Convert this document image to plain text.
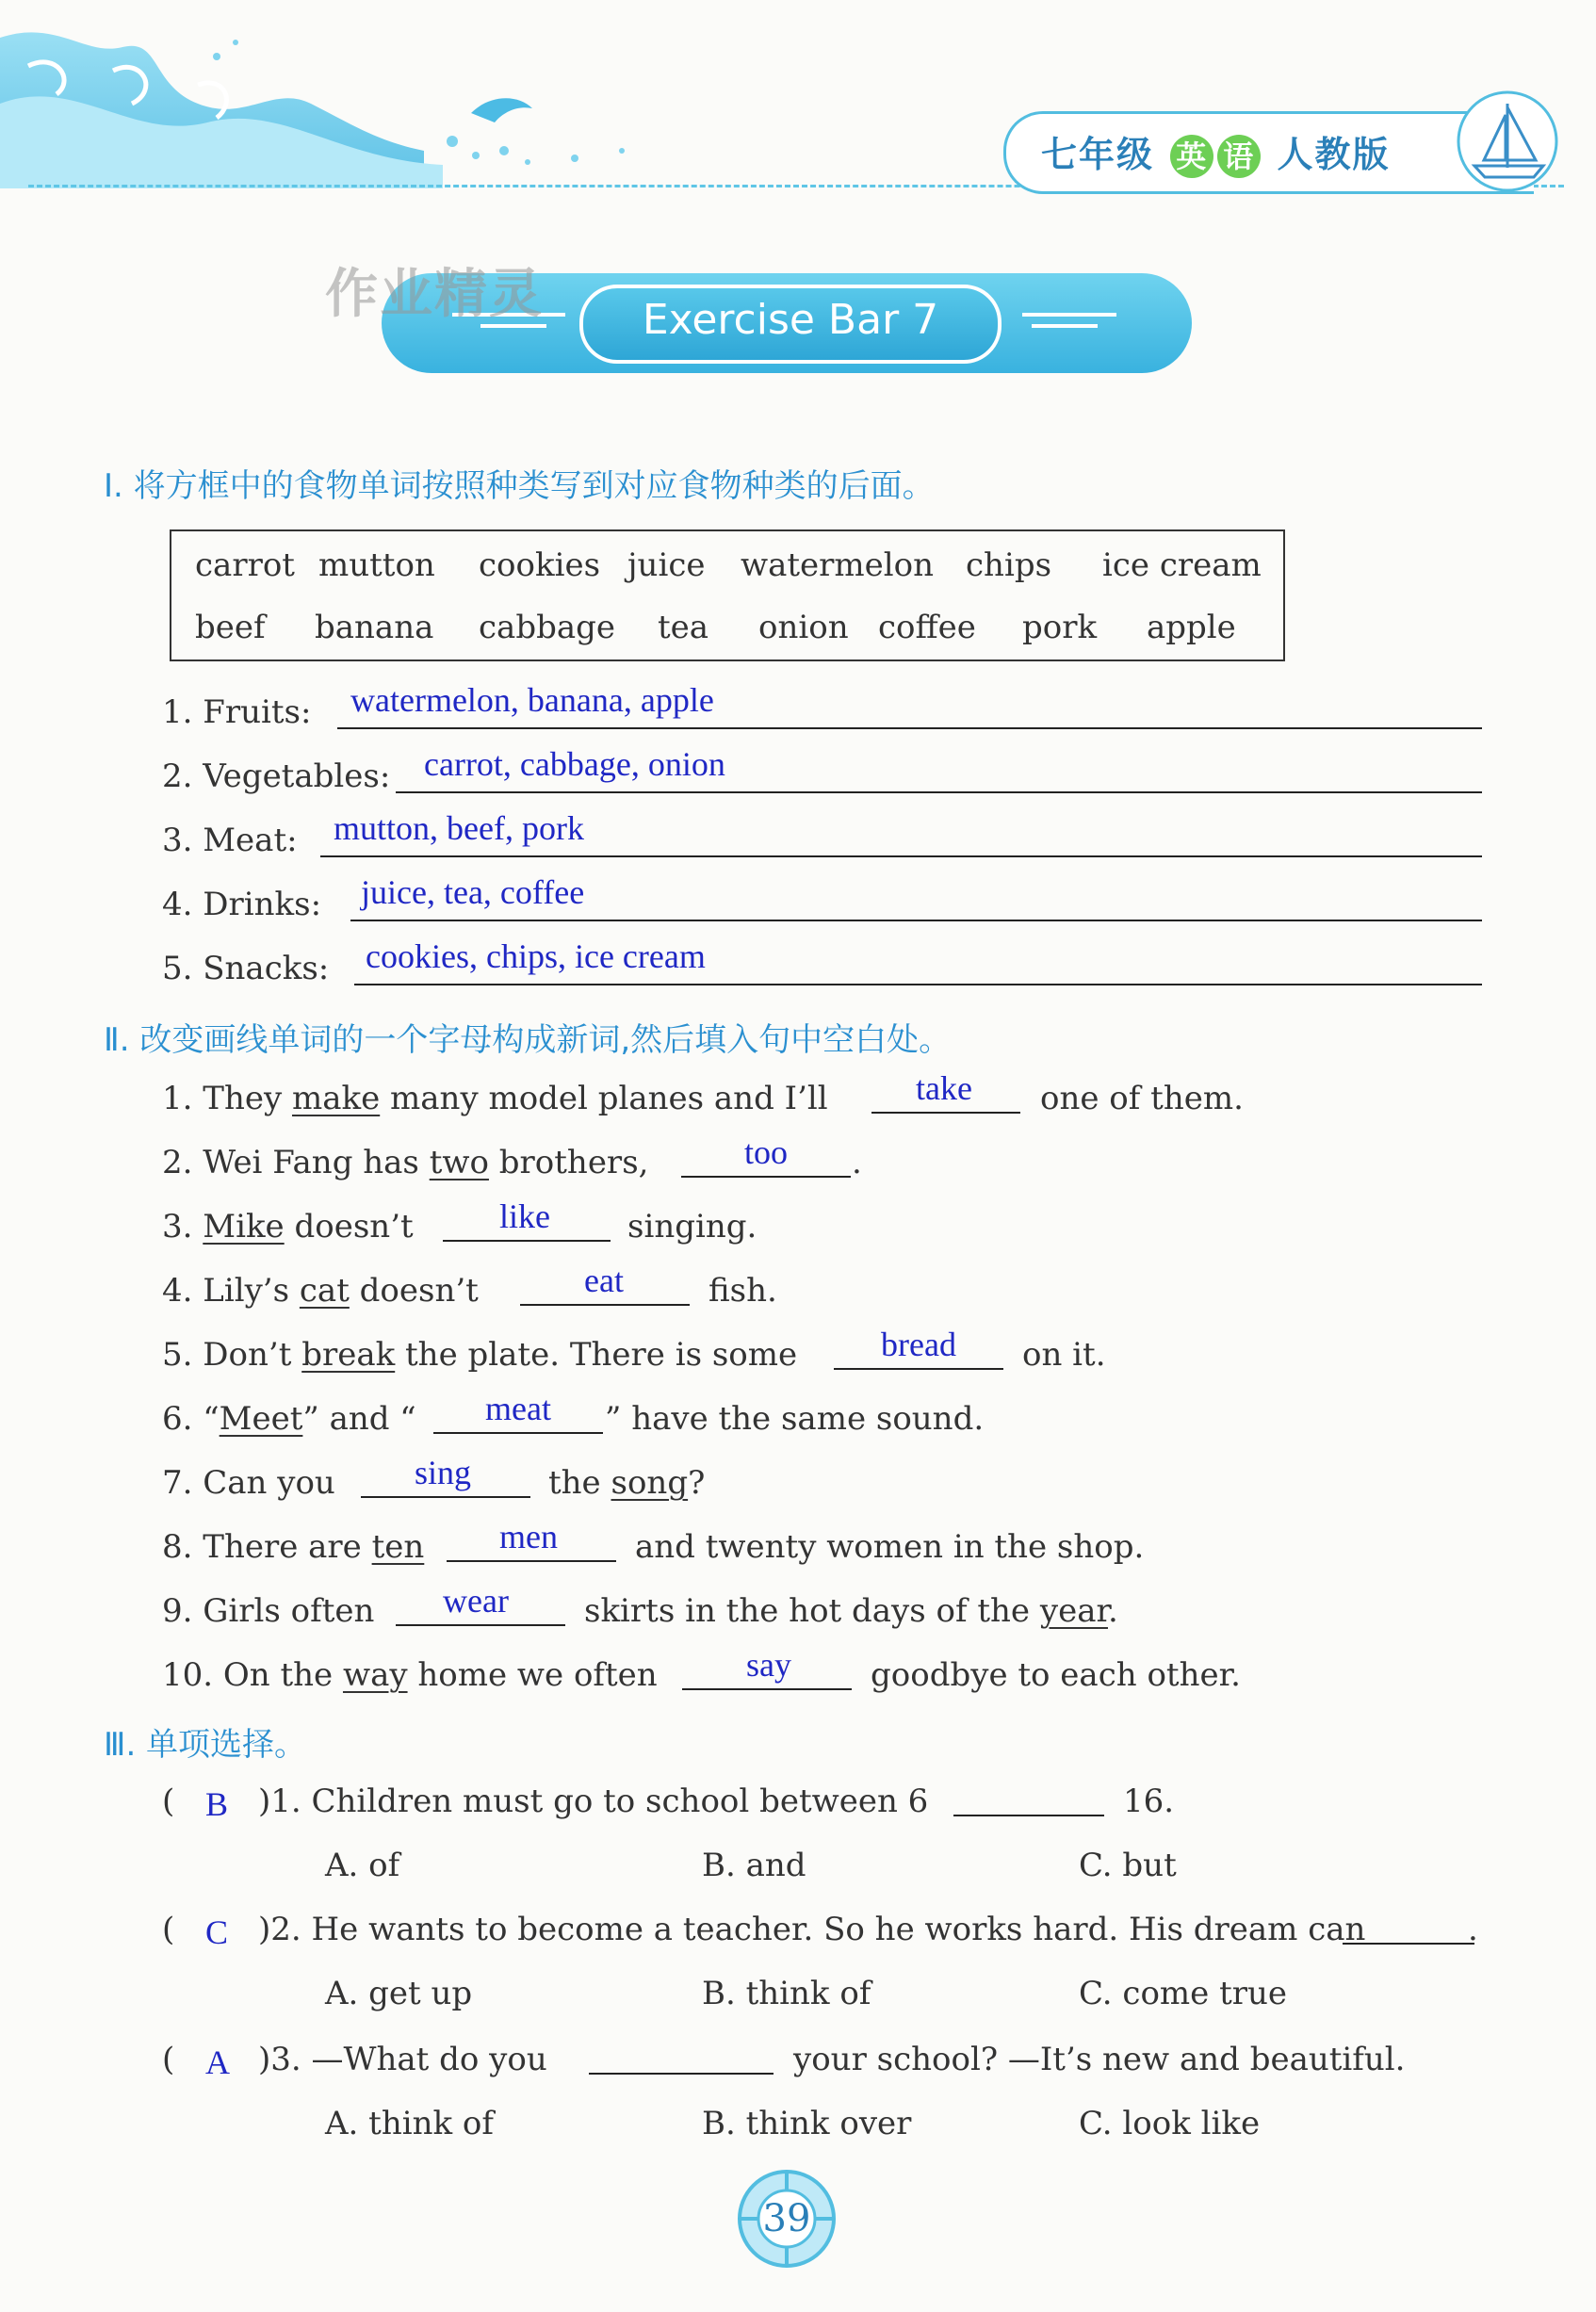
七年级 英 语 人教版
Exercise Bar 7
作业精灵
Ⅰ. 将方框中的食物单词按照种类写到对应食物种类的后面。
carrot mutton cookies juice watermelon chips ice cream
beef banana cabbage tea onion coffee pork apple
1. Fruits: watermelon, banana, apple
2. Vegetables: carrot, cabbage, onion
3. Meat: mutton, beef, pork
4. Drinks: juice, tea, coffee
5. Snacks: cookies, chips, ice cream
Ⅱ. 改变画线单词的一个字母构成新词,然后填入句中空白处。
1. They make many model planes and I’ll	take one of them.
2. Wei Fang has two brothers,	too .
3. Mike doesn’t	like singing.
4. Lily’s cat doesn’t	eat	fish.
5. Don’t break the plate. There is some bread on it.
6. “Meet” and “ meat ” have the same sound.
7. Can you sing the song?
8. There are ten men and twenty women in the shop.
9. Girls often wear skirts in the hot days of the year.
10. On the way home we often	say goodbye to each other.
Ⅲ. 单项选择。
( B )1. Children must go to school between 6	16.
A. of	B. and	C. but
( C )2. He wants to become a teacher. So he works hard. His dream can	.
A. get up	B. think of	C. come true
( A )3. —What do you	your school? —It’s new and beautiful.
A. think of	B. think over	C. look like
39
